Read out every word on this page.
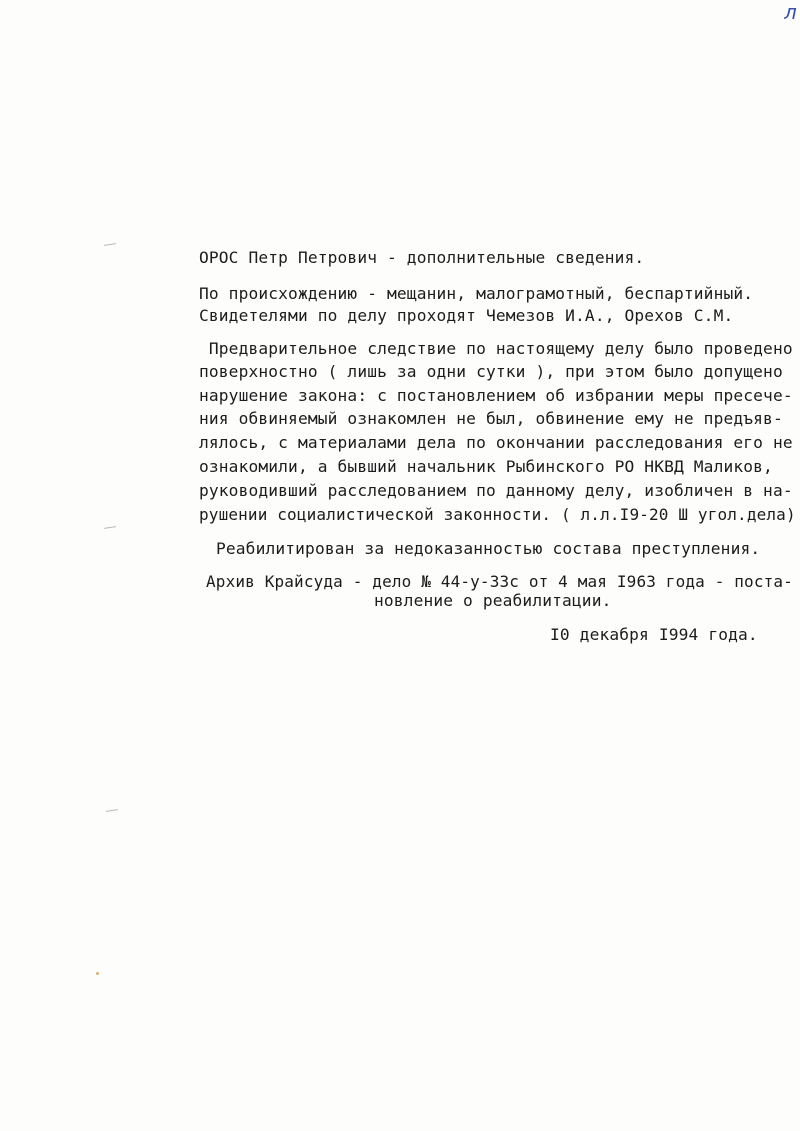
л
ОРОС Петр Петрович - дополнительные сведения.
По происхождению - мещанин, малограмотный, беспартийный.
Свидетелями по делу проходят Чемезов И.А., Орехов С.М.
Предварительное следствие по настоящему делу было проведено
поверхностно ( лишь за одни сутки ), при этом было допущено
нарушение закона: с постановлением об избрании меры пресече-
ния обвиняемый ознакомлен не был, обвинение ему не предъяв-
лялось, с материалами дела по окончании расследования его не
ознакомили, а бывший начальник Рыбинского РО НКВД Маликов,
руководивший расследованием по данному делу, изобличен в на-
рушении социалистической законности. ( л.л.I9-20 Ш угол.дела)
Реабилитирован за недоказанностью состава преступления.
Архив Крайсуда - дело № 44-у-33с от 4 мая I963 года - поста-
новление о реабилитации.
I0 декабря I994 года.
